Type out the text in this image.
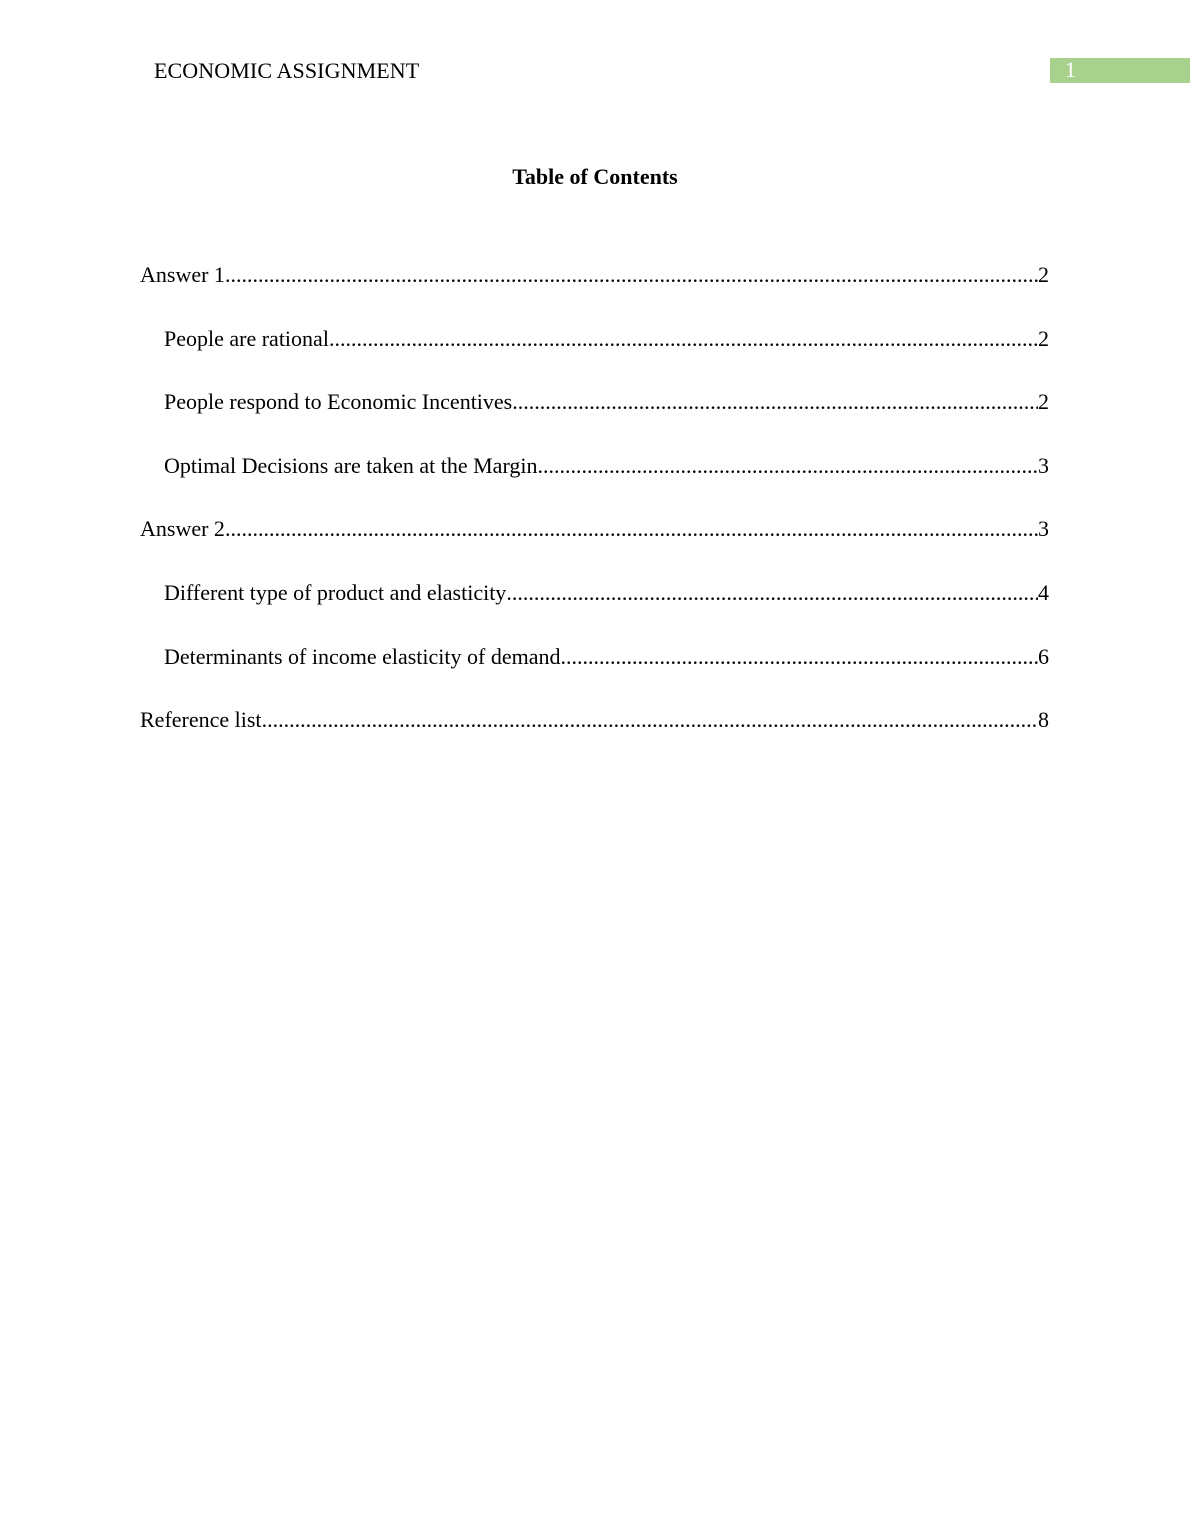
ECONOMIC ASSIGNMENT	1
Table of Contents
Answer 1 .....	2
People are rational .....	2
People respond to Economic Incentives .....	2
Optimal Decisions are taken at the Margin .....	3
Answer 2 .....	3
Different type of product and elasticity .....	4
Determinants of income elasticity of demand .....	6
Reference list .....	8
